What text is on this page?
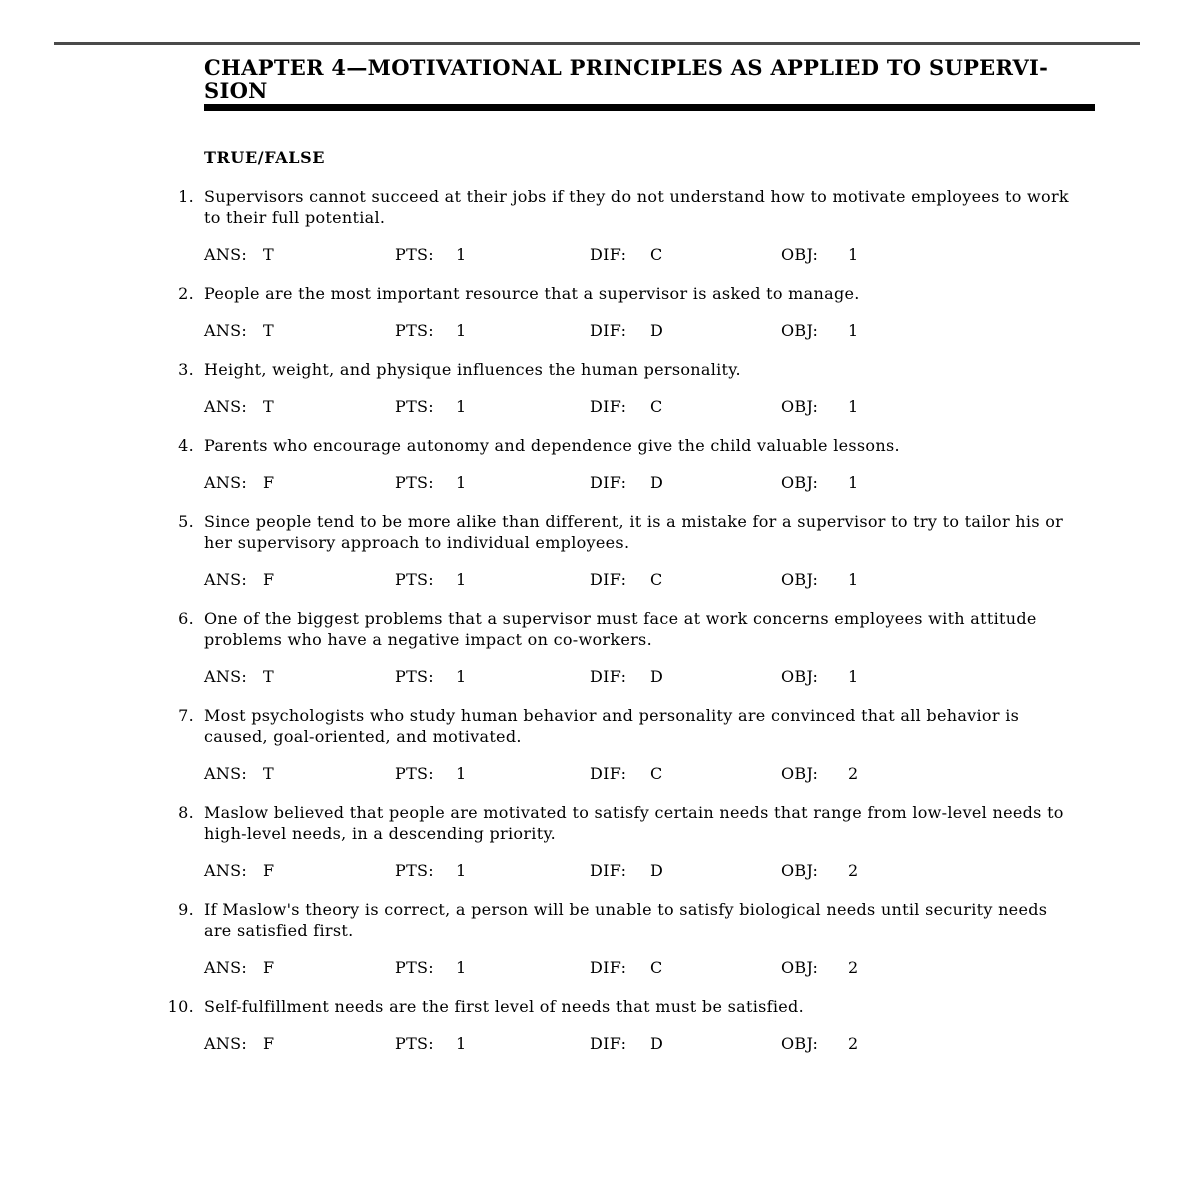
CHAPTER 4—MOTIVATIONAL PRINCIPLES AS APPLIED TO SUPERVI-
SION
TRUE/FALSE
1. Supervisors cannot succeed at their jobs if they do not understand how to motivate employees to work
to their full potential.
ANS: T	PTS: 1	DIF: C	OBJ: 1
2. People are the most important resource that a supervisor is asked to manage.
ANS: T	PTS: 1	DIF: D	OBJ: 1
3. Height, weight, and physique influences the human personality.
ANS: T	PTS: 1	DIF: C	OBJ: 1
4. Parents who encourage autonomy and dependence give the child valuable lessons.
ANS: F	PTS: 1	DIF: D	OBJ: 1
5. Since people tend to be more alike than different, it is a mistake for a supervisor to try to tailor his or
her supervisory approach to individual employees.
ANS: F	PTS: 1	DIF: C	OBJ: 1
6. One of the biggest problems that a supervisor must face at work concerns employees with attitude
problems who have a negative impact on co-workers.
ANS: T	PTS: 1	DIF: D	OBJ: 1
7. Most psychologists who study human behavior and personality are convinced that all behavior is
caused, goal-oriented, and motivated.
ANS: T	PTS: 1	DIF: C	OBJ: 2
8. Maslow believed that people are motivated to satisfy certain needs that range from low-level needs to
high-level needs, in a descending priority.
ANS: F	PTS: 1	DIF: D	OBJ: 2
9. If Maslow's theory is correct, a person will be unable to satisfy biological needs until security needs
are satisfied first.
ANS: F	PTS: 1	DIF: C	OBJ: 2
10. Self-fulfillment needs are the first level of needs that must be satisfied.
ANS: F	PTS: 1	DIF: D	OBJ: 2
